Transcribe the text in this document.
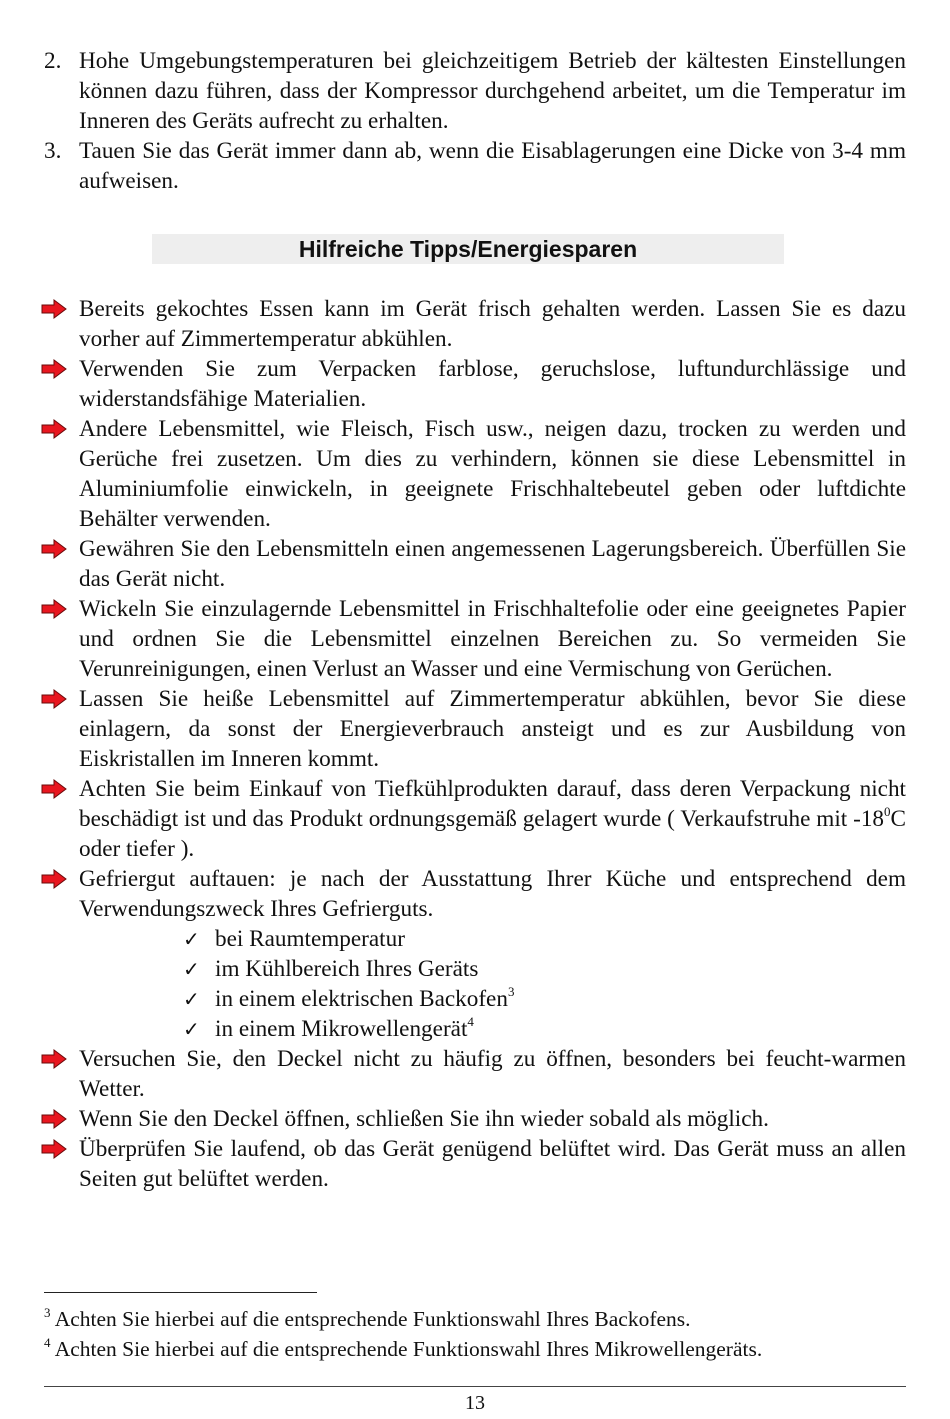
2. Hohe Umgebungstemperaturen bei gleichzeitigem Betrieb der kältesten Einstellungen können dazu führen, dass der Kompressor durchgehend arbeitet, um die Temperatur im Inneren des Geräts aufrecht zu erhalten.
3. Tauen Sie das Gerät immer dann ab, wenn die Eisablagerungen eine Dicke von 3-4 mm aufweisen.
Hilfreiche Tipps/Energiesparen
Bereits gekochtes Essen kann im Gerät frisch gehalten werden. Lassen Sie es dazu vorher auf Zimmertemperatur abkühlen.
Verwenden Sie zum Verpacken farblose, geruchslose, luftundurchlässige und widerstandsfähige Materialien.
Andere Lebensmittel, wie Fleisch, Fisch usw., neigen dazu, trocken zu werden und Gerüche frei zusetzen. Um dies zu verhindern, können sie diese Lebensmittel in Aluminiumfolie einwickeln, in geeignete Frischhaltebeutel geben oder luftdichte Behälter verwenden.
Gewähren Sie den Lebensmitteln einen angemessenen Lagerungsbereich. Überfüllen Sie das Gerät nicht.
Wickeln Sie einzulagernde Lebensmittel in Frischhaltefolie oder eine geeignetes Papier und ordnen Sie die Lebensmittel einzelnen Bereichen zu. So vermeiden Sie Verunreinigungen, einen Verlust an Wasser und eine Vermischung von Gerüchen.
Lassen Sie heiße Lebensmittel auf Zimmertemperatur abkühlen, bevor Sie diese einlagern, da sonst der Energieverbrauch ansteigt und es zur Ausbildung von Eiskristallen im Inneren kommt.
Achten Sie beim Einkauf von Tiefkühlprodukten darauf, dass deren Verpackung nicht beschädigt ist und das Produkt ordnungsgemäß gelagert wurde ( Verkaufstruhe mit $-18^0C$ oder tiefer ).
Gefriergut auftauen: je nach der Ausstattung Ihrer Küche und entsprechend dem Verwendungszweck Ihres Gefrierguts.
✓ bei Raumtemperatur
✓ im Kühlbereich Ihres Geräts
✓ in einem elektrischen Backofen$^3$
✓ in einem Mikrowellengerät$^4$
Versuchen Sie, den Deckel nicht zu häufig zu öffnen, besonders bei feucht-warmen Wetter.
Wenn Sie den Deckel öffnen, schließen Sie ihn wieder sobald als möglich.
Überprüfen Sie laufend, ob das Gerät genügend belüftet wird. Das Gerät muss an allen Seiten gut belüftet werden.
$^3$ Achten Sie hierbei auf die entsprechende Funktionswahl Ihres Backofens.
$^4$ Achten Sie hierbei auf die entsprechende Funktionswahl Ihres Mikrowellengeräts.
13
